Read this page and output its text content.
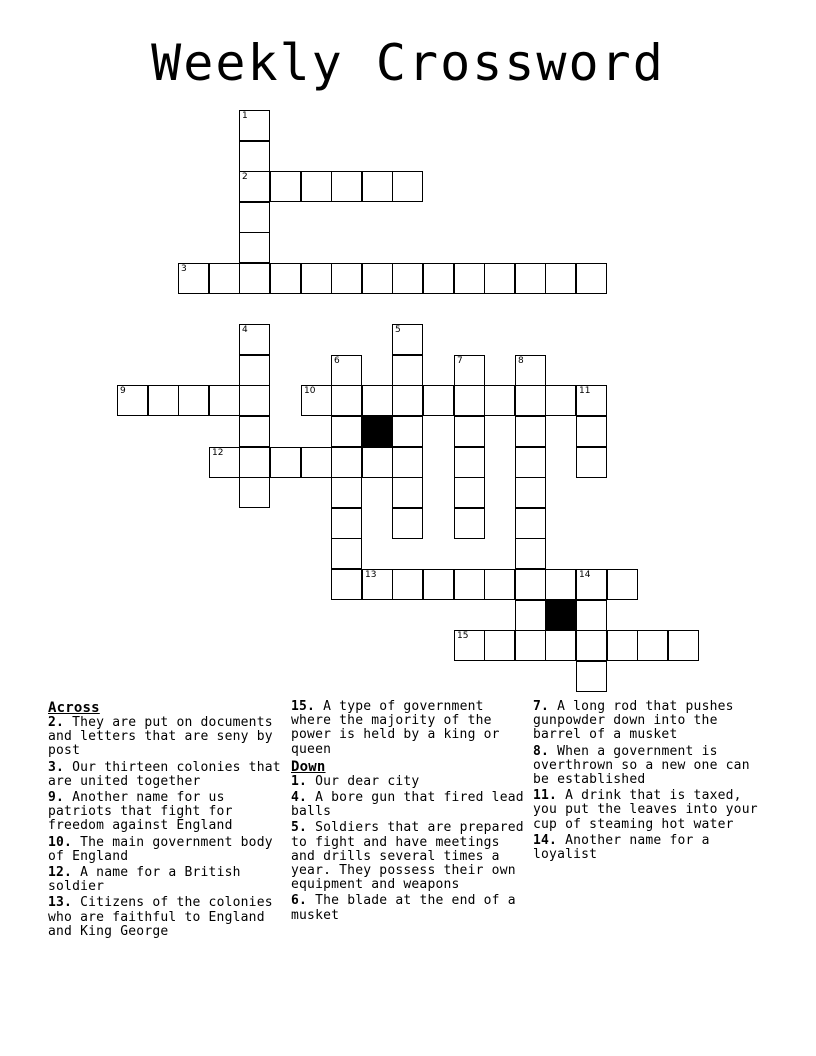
Weekly Crossword
1
2
3
4	5
6	7	8
9	10	11
12
13	14
15
Across
2. They are put on documents and letters that are seny by post
3. Our thirteen colonies that are united together
9. Another name for us patriots that fight for freedom against England
10. The main government body of England
12. A name for a British soldier
13. Citizens of the colonies who are faithful to England and King George
15. A type of government where the majority of the power is held by a king or queen
Down
1. Our dear city
4. A bore gun that fired lead balls
5. Soldiers that are prepared to fight and have meetings and drills several times a year. They possess their own equipment and weapons
6. The blade at the end of a musket
7. A long rod that pushes gunpowder down into the barrel of a musket
8. When a government is overthrown so a new one can be established
11. A drink that is taxed, you put the leaves into your cup of steaming hot water
14. Another name for a loyalist
